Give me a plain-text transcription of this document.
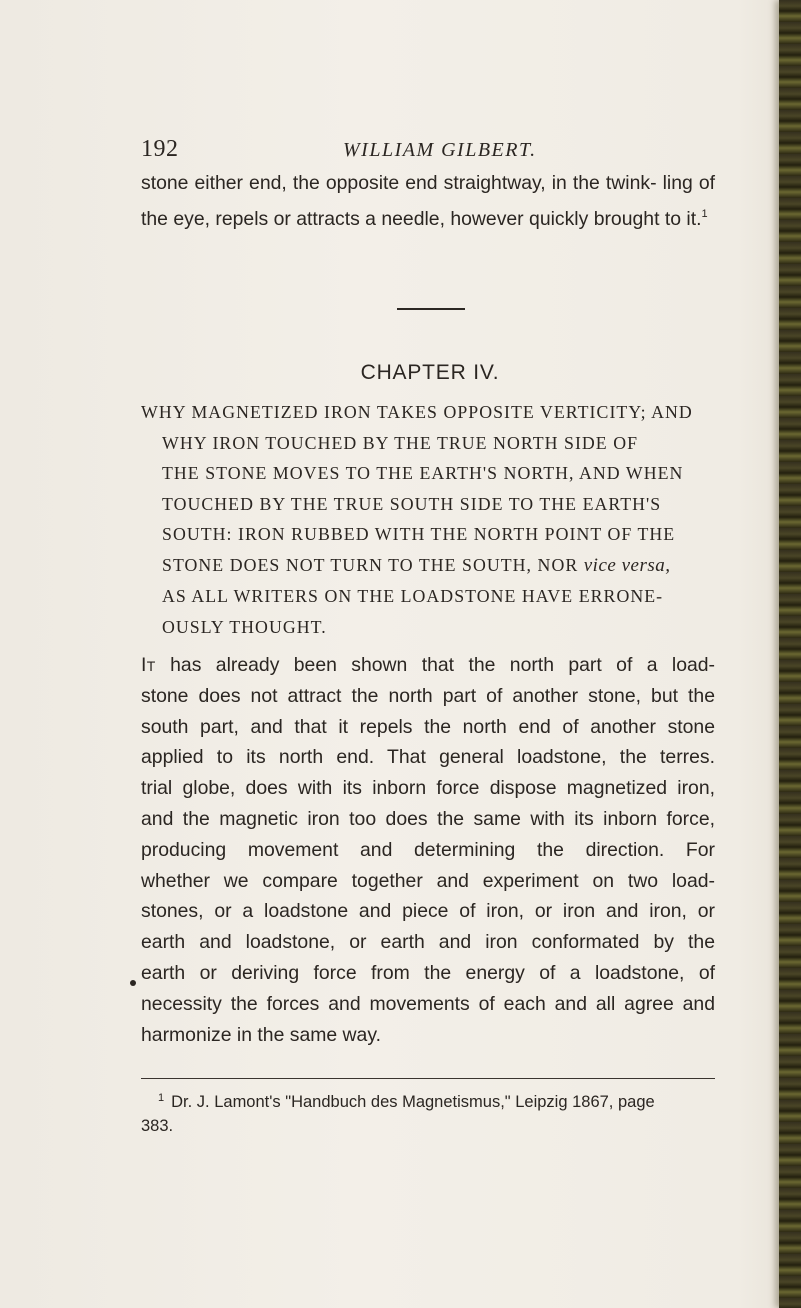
192	WILLIAM GILBERT.

stone either end, the opposite end straightway, in the twink- ling of the eye, repels or attracts a needle, however quickly brought to it.$^1$

CHAPTER IV.

WHY MAGNETIZED IRON TAKES OPPOSITE VERTICITY; AND
WHY IRON TOUCHED BY THE TRUE NORTH SIDE OF
THE STONE MOVES TO THE EARTH'S NORTH, AND WHEN
TOUCHED BY THE TRUE SOUTH SIDE TO THE EARTH'S
SOUTH: IRON RUBBED WITH THE NORTH POINT OF THE
STONE DOES NOT TURN TO THE SOUTH, NOR vice versa,
AS ALL WRITERS ON THE LOADSTONE HAVE ERRONE-
OUSLY THOUGHT.

It has already been shown that the north part of a load-
stone does not attract the north part of another stone, but the
south part, and that it repels the north end of another stone
applied to its north end. That general loadstone, the terres.
trial globe, does with its inborn force dispose magnetized iron,
and the magnetic iron too does the same with its inborn force,
producing movement and determining the direction. For
whether we compare together and experiment on two load-
stones, or a loadstone and piece of iron, or iron and iron, or
earth and loadstone, or earth and iron conformated by the
earth or deriving force from the energy of a loadstone, of
necessity the forces and movements of each and all agree and
harmonize in the same way.

$^1$ Dr. J. Lamont's "Handbuch des Magnetismus," Leipzig 1867, page
383.
